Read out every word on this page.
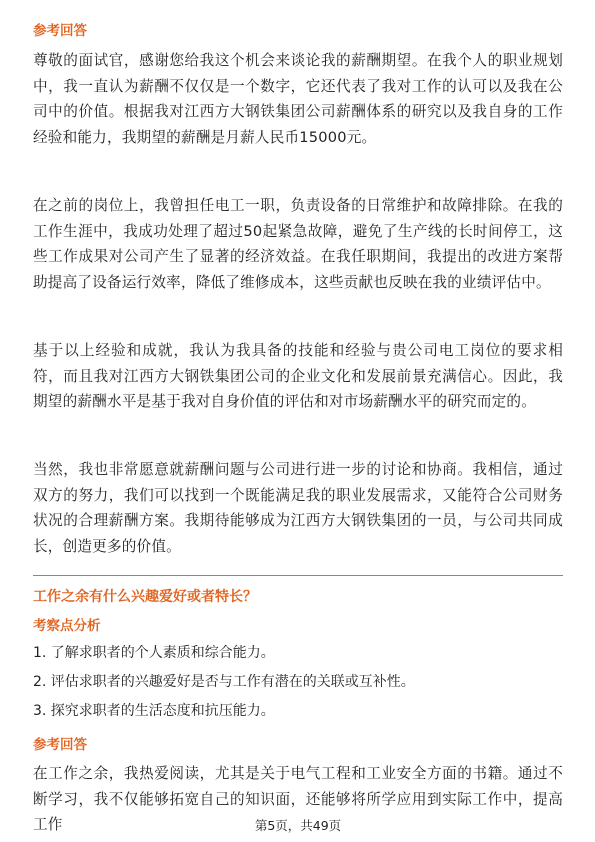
参考回答

尊敬的面试官，感谢您给我这个机会来谈论我的薪酬期望。在我个人的职业规划中，我一直认为薪酬不仅仅是一个数字，它还代表了我对工作的认可以及我在公司中的价值。根据我对江西方大钢铁集团公司薪酬体系的研究以及我自身的工作经验和能力，我期望的薪酬是月薪人民币15000元。

在之前的岗位上，我曾担任电工一职，负责设备的日常维护和故障排除。在我的工作生涯中，我成功处理了超过50起紧急故障，避免了生产线的长时间停工，这些工作成果对公司产生了显著的经济效益。在我任职期间，我提出的改进方案帮助提高了设备运行效率，降低了维修成本，这些贡献也反映在我的业绩评估中。

基于以上经验和成就，我认为我具备的技能和经验与贵公司电工岗位的要求相符，而且我对江西方大钢铁集团公司的企业文化和发展前景充满信心。因此，我期望的薪酬水平是基于我对自身价值的评估和对市场薪酬水平的研究而定的。

当然，我也非常愿意就薪酬问题与公司进行进一步的讨论和协商。我相信，通过双方的努力，我们可以找到一个既能满足我的职业发展需求，又能符合公司财务状况的合理薪酬方案。我期待能够成为江西方大钢铁集团的一员，与公司共同成长，创造更多的价值。

工作之余有什么兴趣爱好或者特长？
考察点分析

1. 了解求职者的个人素质和综合能力。

2. 评估求职者的兴趣爱好是否与工作有潜在的关联或互补性。

3. 探究求职者的生活态度和抗压能力。

参考回答

在工作之余，我热爱阅读，尤其是关于电气工程和工业安全方面的书籍。通过不断学习，我不仅能够拓宽自己的知识面，还能够将所学应用到实际工作中，提高工作	第5页，共49页
